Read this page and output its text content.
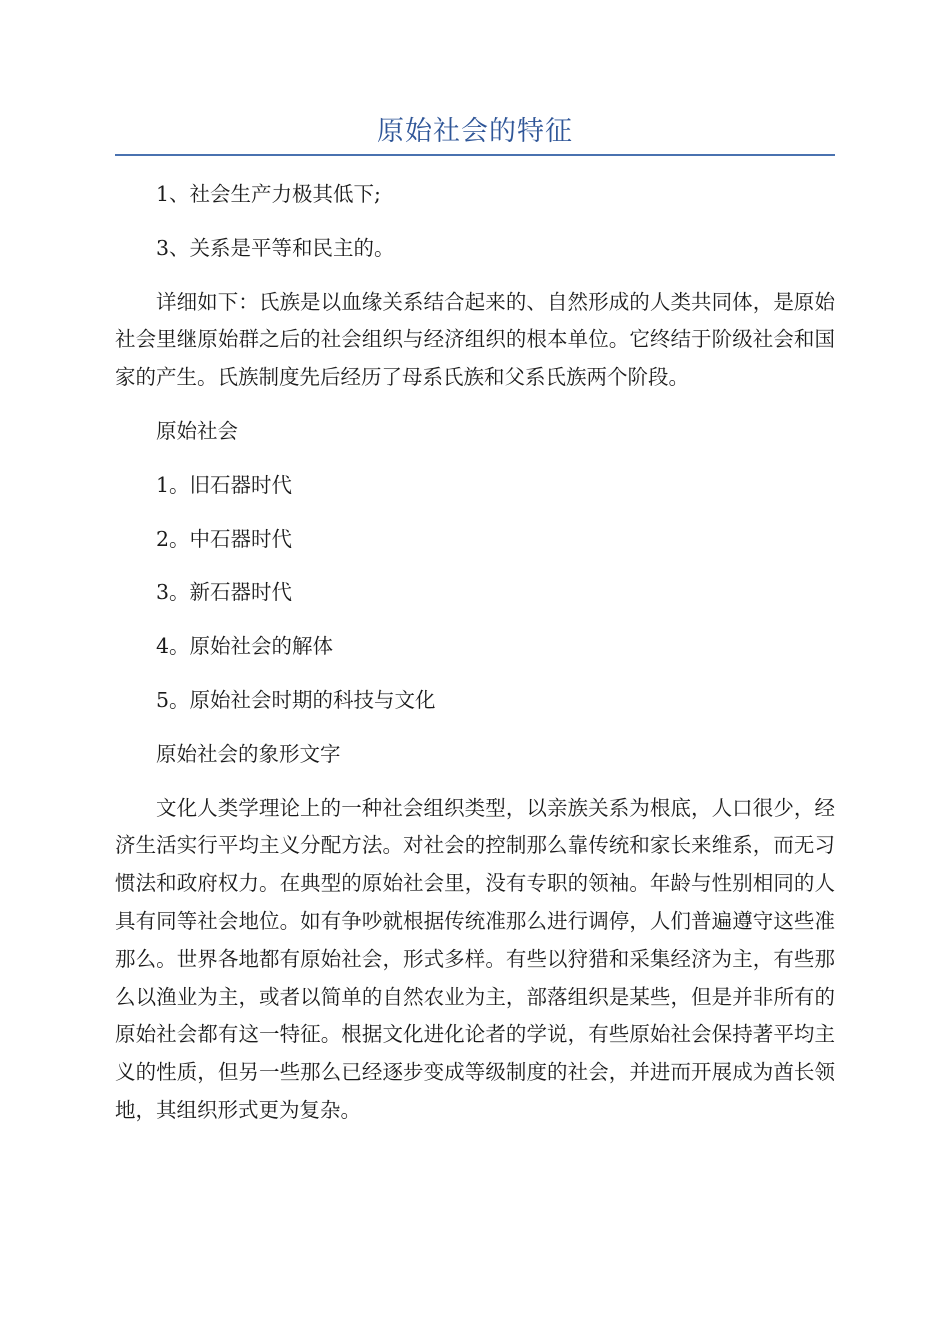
原始社会的特征

1、社会生产力极其低下;

3、关系是平等和民主的。

详细如下：氏族是以血缘关系结合起来的、自然形成的人类共同体，是原始社会里继原始群之后的社会组织与经济组织的根本单位。它终结于阶级社会和国家的产生。氏族制度先后经历了母系氏族和父系氏族两个阶段。

原始社会

1。旧石器时代

2。中石器时代

3。新石器时代

4。原始社会的解体

5。原始社会时期的科技与文化

原始社会的象形文字

文化人类学理论上的一种社会组织类型，以亲族关系为根底，人口很少，经济生活实行平均主义分配方法。对社会的控制那么靠传统和家长来维系，而无习惯法和政府权力。在典型的原始社会里，没有专职的领袖。年龄与性别相同的人具有同等社会地位。如有争吵就根据传统准那么进行调停，人们普遍遵守这些准那么。世界各地都有原始社会，形式多样。有些以狩猎和采集经济为主，有些那么以渔业为主，或者以简单的自然农业为主，部落组织是某些，但是并非所有的原始社会都有这一特征。根据文化进化论者的学说，有些原始社会保持著平均主义的性质，但另一些那么已经逐步变成等级制度的社会，并进而开展成为酋长领地，其组织形式更为复杂。
